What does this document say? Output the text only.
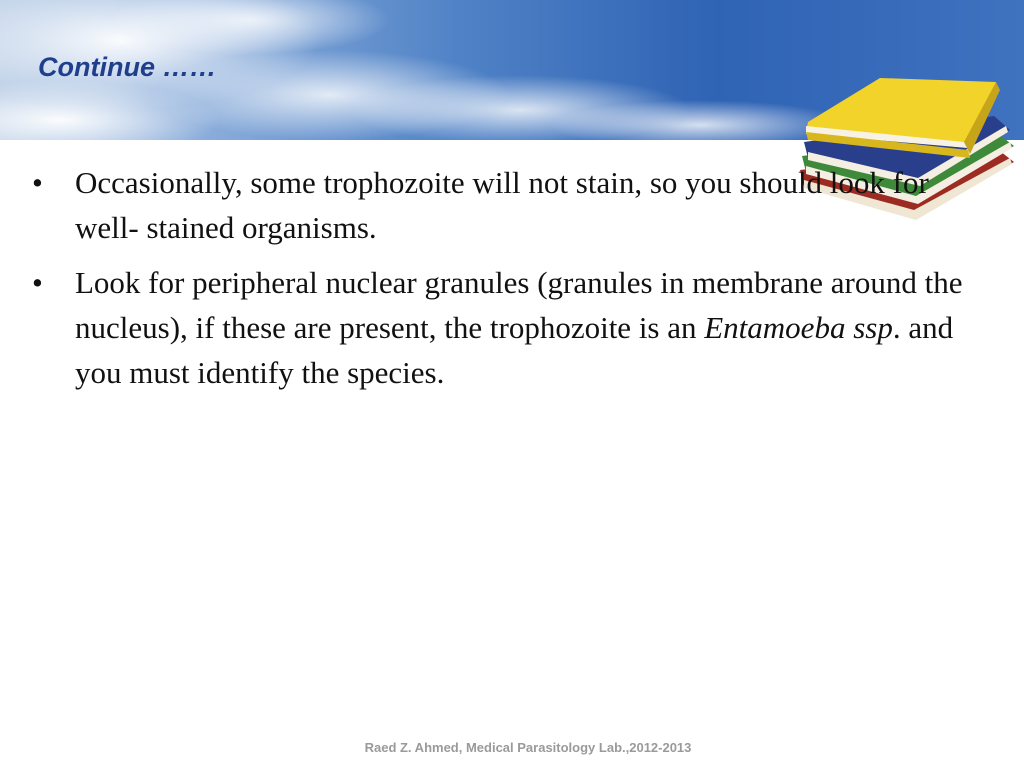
Continue ……
• Occasionally, some trophozoite will not stain, so you should look for well- stained organisms.
• Look for peripheral nuclear granules (granules in membrane around the nucleus), if these are present, the trophozoite is an Entamoeba ssp. and you must identify the species.

Raed Z. Ahmed, Medical Parasitology Lab.,2012-2013
